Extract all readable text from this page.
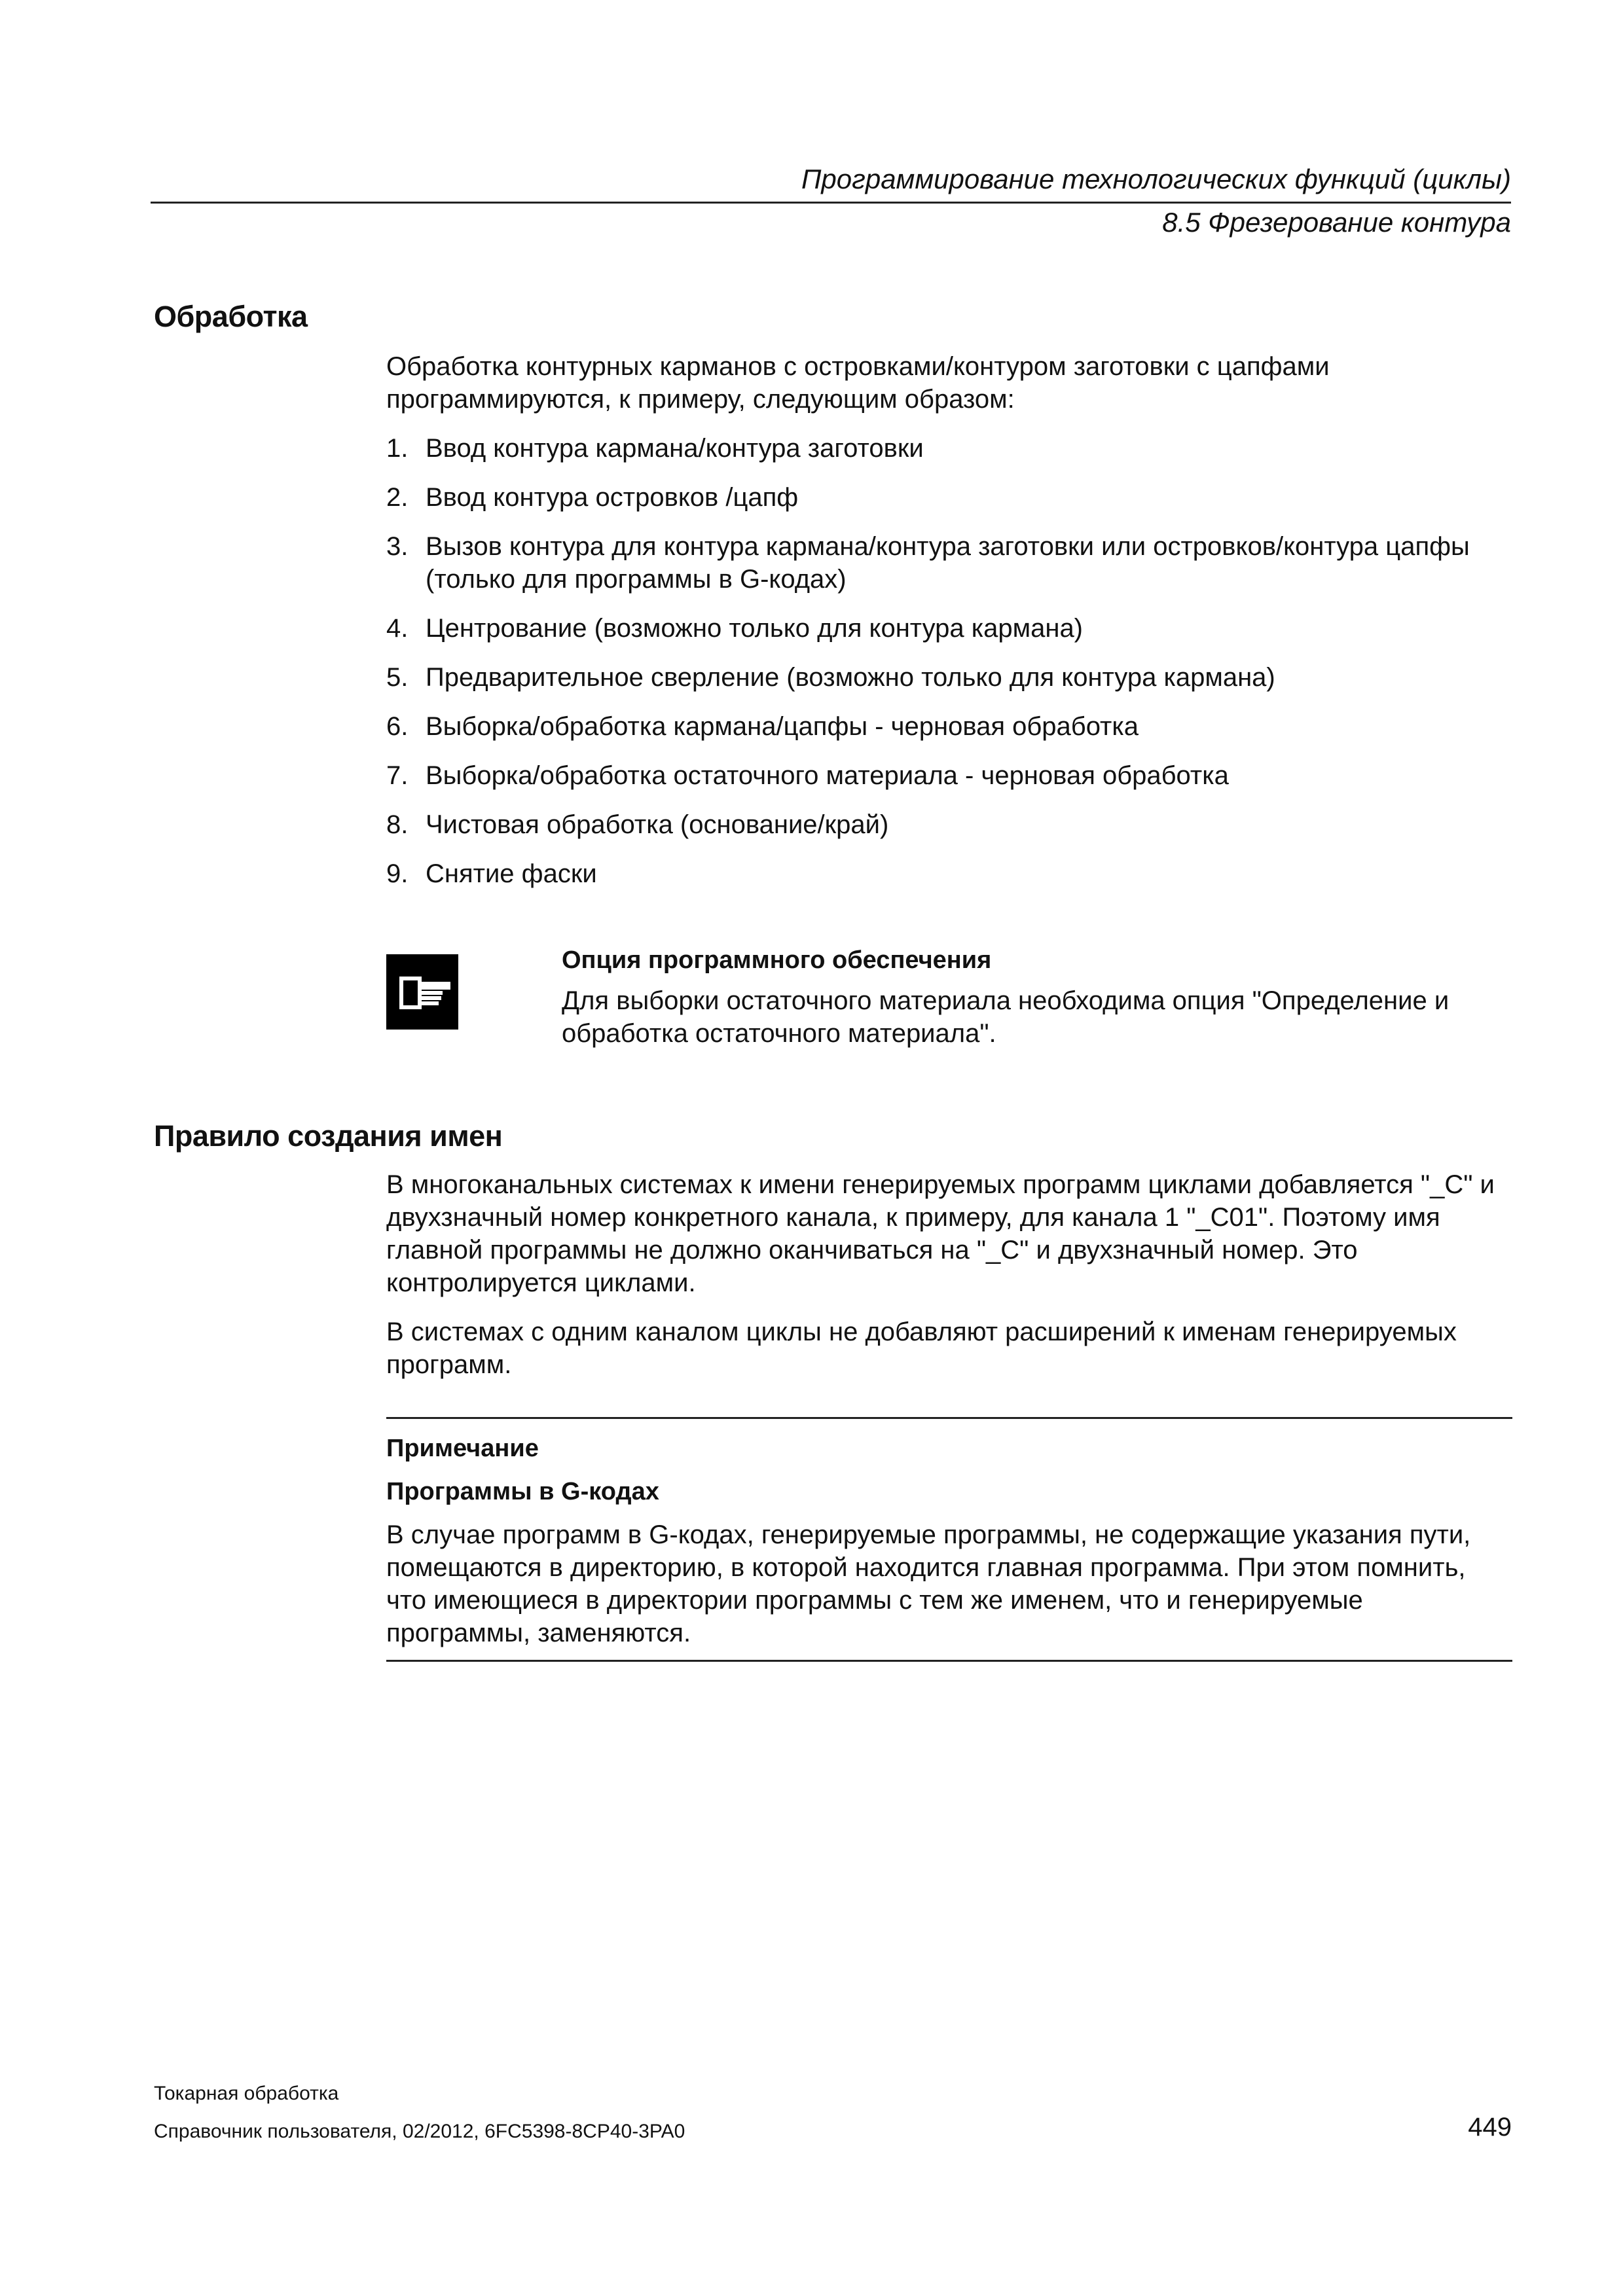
Программирование технологических функций (циклы)
8.5 Фрезерование контура
Обработка

Обработка контурных карманов с островками/контуром заготовки с цапфами программируются, к примеру, следующим образом:

1. Ввод контура кармана/контура заготовки
2. Ввод контура островков /цапф
3. Вызов контура для контура кармана/контура заготовки или островков/контура цапфы (только для программы в G-кодах)
4. Центрование (возможно только для контура кармана)
5. Предварительное сверление (возможно только для контура кармана)
6. Выборка/обработка кармана/цапфы - черновая обработка
7. Выборка/обработка остаточного материала - черновая обработка
8. Чистовая обработка (основание/край)
9. Снятие фаски
Опция программного обеспечения

Для выборки остаточного материала необходима опция "Определение и обработка остаточного материала".

Правило создания имен

В многоканальных системах к имени генерируемых программ циклами добавляется "_C" и двухзначный номер конкретного канала, к примеру, для канала 1 "_C01". Поэтому имя главной программы не должно оканчиваться на "_C" и двухзначный номер. Это контролируется циклами.

В системах с одним каналом циклы не добавляют расширений к именам генерируемых программ.

Примечание
Программы в G-кодах

В случае программ в G-кодах, генерируемые программы, не содержащие указания пути, помещаются в директорию, в которой находится главная программа. При этом помнить, что имеющиеся в директории программы с тем же именем, что и генерируемые программы, заменяются.

Токарная обработка
Справочник пользователя, 02/2012, 6FC5398-8CP40-3PA0	449
